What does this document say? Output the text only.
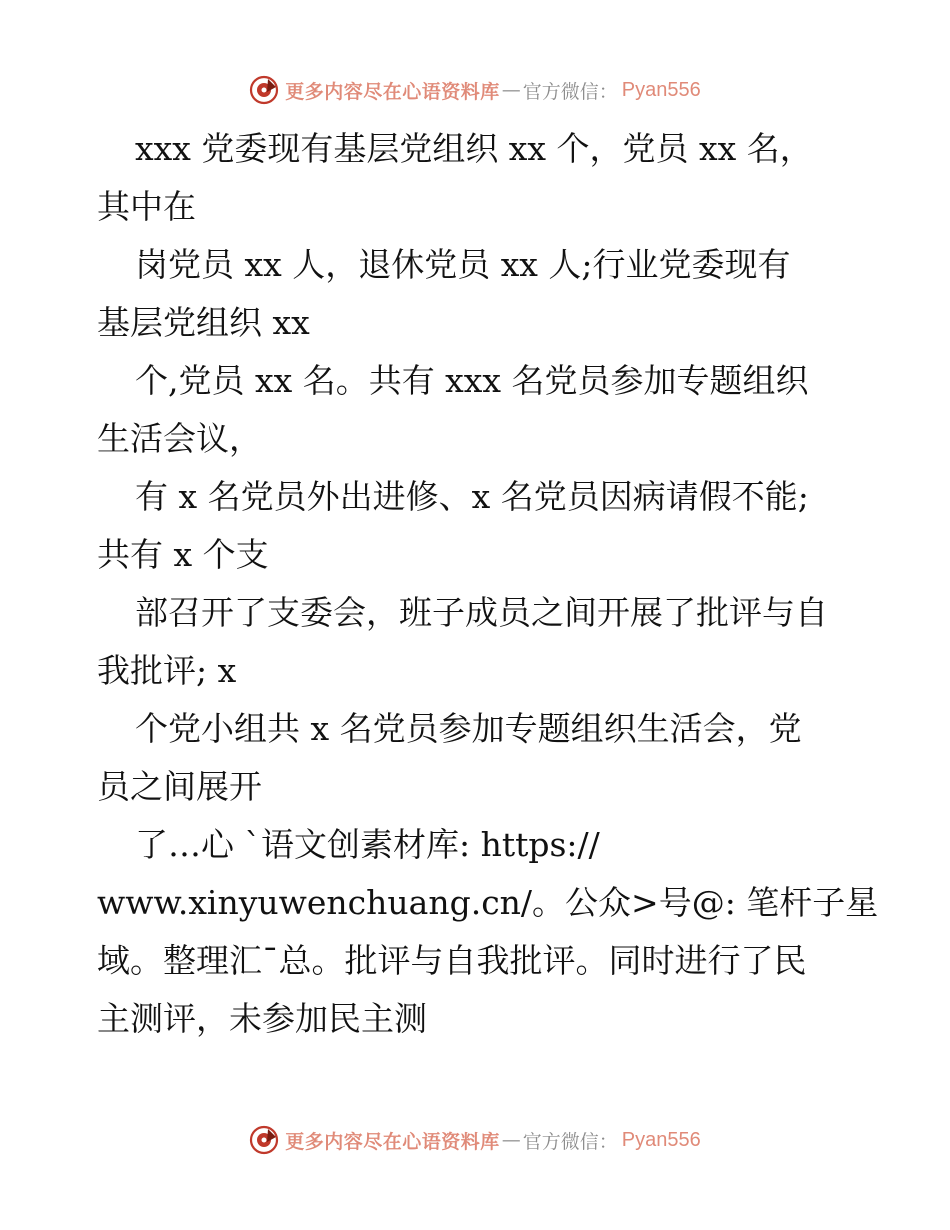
更多内容尽在心语资料库 — 官方微信： Pyan556
xxx 党委现有基层党组织 xx 个，党员 xx 名，
其中在
岗党员 xx 人，退休党员 xx 人;行业党委现有
基层党组织 xx
个,党员 xx 名。共有 xxx 名党员参加专题组织
生活会议，
有 x 名党员外出进修、x 名党员因病请假不能;
共有 x 个支
部召开了支委会，班子成员之间开展了批评与自
我批评; x
个党小组共 x 名党员参加专题组织生活会，党
员之间展开
了…心 `语文创素材库: https://
www.xinyuwenchuang.cn/。公众>号@: 笔杆子星
域。整理汇¯总。批评与自我批评。同时进行了民
主测评，未参加民主测
更多内容尽在心语资料库 — 官方微信： Pyan556
